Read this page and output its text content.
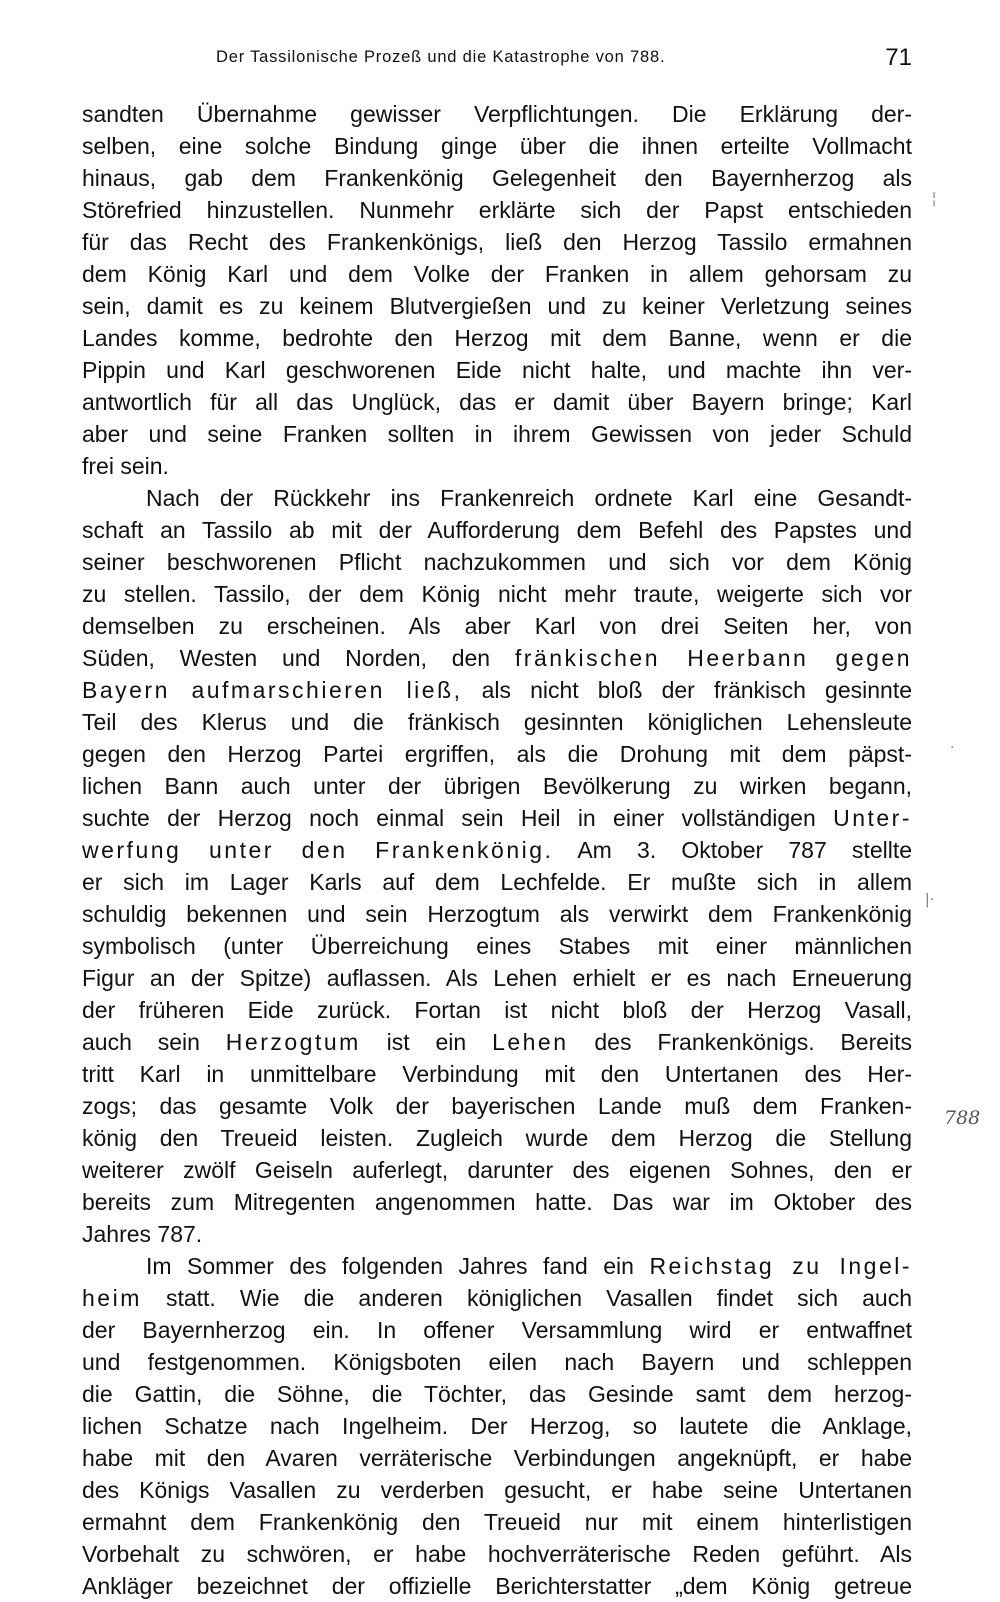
Der Tassilonische Prozeß und die Katastrophe von 788.	71
sandten Übernahme gewisser Verpflichtungen. Die Erklärung der-
selben, eine solche Bindung ginge über die ihnen erteilte Vollmacht
hinaus, gab dem Frankenkönig Gelegenheit den Bayernherzog als
Störefried hinzustellen. Nunmehr erklärte sich der Papst entschieden
für das Recht des Frankenkönigs, ließ den Herzog Tassilo ermahnen
dem König Karl und dem Volke der Franken in allem gehorsam zu
sein, damit es zu keinem Blutvergießen und zu keiner Verletzung seines
Landes komme, bedrohte den Herzog mit dem Banne, wenn er die
Pippin und Karl geschworenen Eide nicht halte, und machte ihn ver-
antwortlich für all das Unglück, das er damit über Bayern bringe; Karl
aber und seine Franken sollten in ihrem Gewissen von jeder Schuld
frei sein.
Nach der Rückkehr ins Frankenreich ordnete Karl eine Gesandt-
schaft an Tassilo ab mit der Aufforderung dem Befehl des Papstes und
seiner beschworenen Pflicht nachzukommen und sich vor dem König
zu stellen. Tassilo, der dem König nicht mehr traute, weigerte sich vor
demselben zu erscheinen. Als aber Karl von drei Seiten her, von
Süden, Westen und Norden, den fränkischen Heerbann gegen
Bayern aufmarschieren ließ, als nicht bloß der fränkisch gesinnte
Teil des Klerus und die fränkisch gesinnten königlichen Lehensleute
gegen den Herzog Partei ergriffen, als die Drohung mit dem päpst-
lichen Bann auch unter der übrigen Bevölkerung zu wirken begann,
suchte der Herzog noch einmal sein Heil in einer vollständigen Unter-
werfung unter den Frankenkönig. Am 3. Oktober 787 stellte
er sich im Lager Karls auf dem Lechfelde. Er mußte sich in allem
schuldig bekennen und sein Herzogtum als verwirkt dem Frankenkönig
symbolisch (unter Überreichung eines Stabes mit einer männlichen
Figur an der Spitze) auflassen. Als Lehen erhielt er es nach Erneuerung
der früheren Eide zurück. Fortan ist nicht bloß der Herzog Vasall,
auch sein Herzogtum ist ein Lehen des Frankenkönigs. Bereits
tritt Karl in unmittelbare Verbindung mit den Untertanen des Her-
zogs; das gesamte Volk der bayerischen Lande muß dem Franken-
könig den Treueid leisten. Zugleich wurde dem Herzog die Stellung
weiterer zwölf Geiseln auferlegt, darunter des eigenen Sohnes, den er
bereits zum Mitregenten angenommen hatte. Das war im Oktober des
Jahres 787.
Im Sommer des folgenden Jahres fand ein Reichstag zu Ingel-
heim statt. Wie die anderen königlichen Vasallen findet sich auch
der Bayernherzog ein. In offener Versammlung wird er entwaffnet
und festgenommen. Königsboten eilen nach Bayern und schleppen
die Gattin, die Söhne, die Töchter, das Gesinde samt dem herzog-
lichen Schatze nach Ingelheim. Der Herzog, so lautete die Anklage,
habe mit den Avaren verräterische Verbindungen angeknüpft, er habe
des Königs Vasallen zu verderben gesucht, er habe seine Untertanen
ermahnt dem Frankenkönig den Treueid nur mit einem hinterlistigen
Vorbehalt zu schwören, er habe hochverräterische Reden geführt. Als
Ankläger bezeichnet der offizielle Berichterstatter „dem König getreue
788
╎
·
|·
